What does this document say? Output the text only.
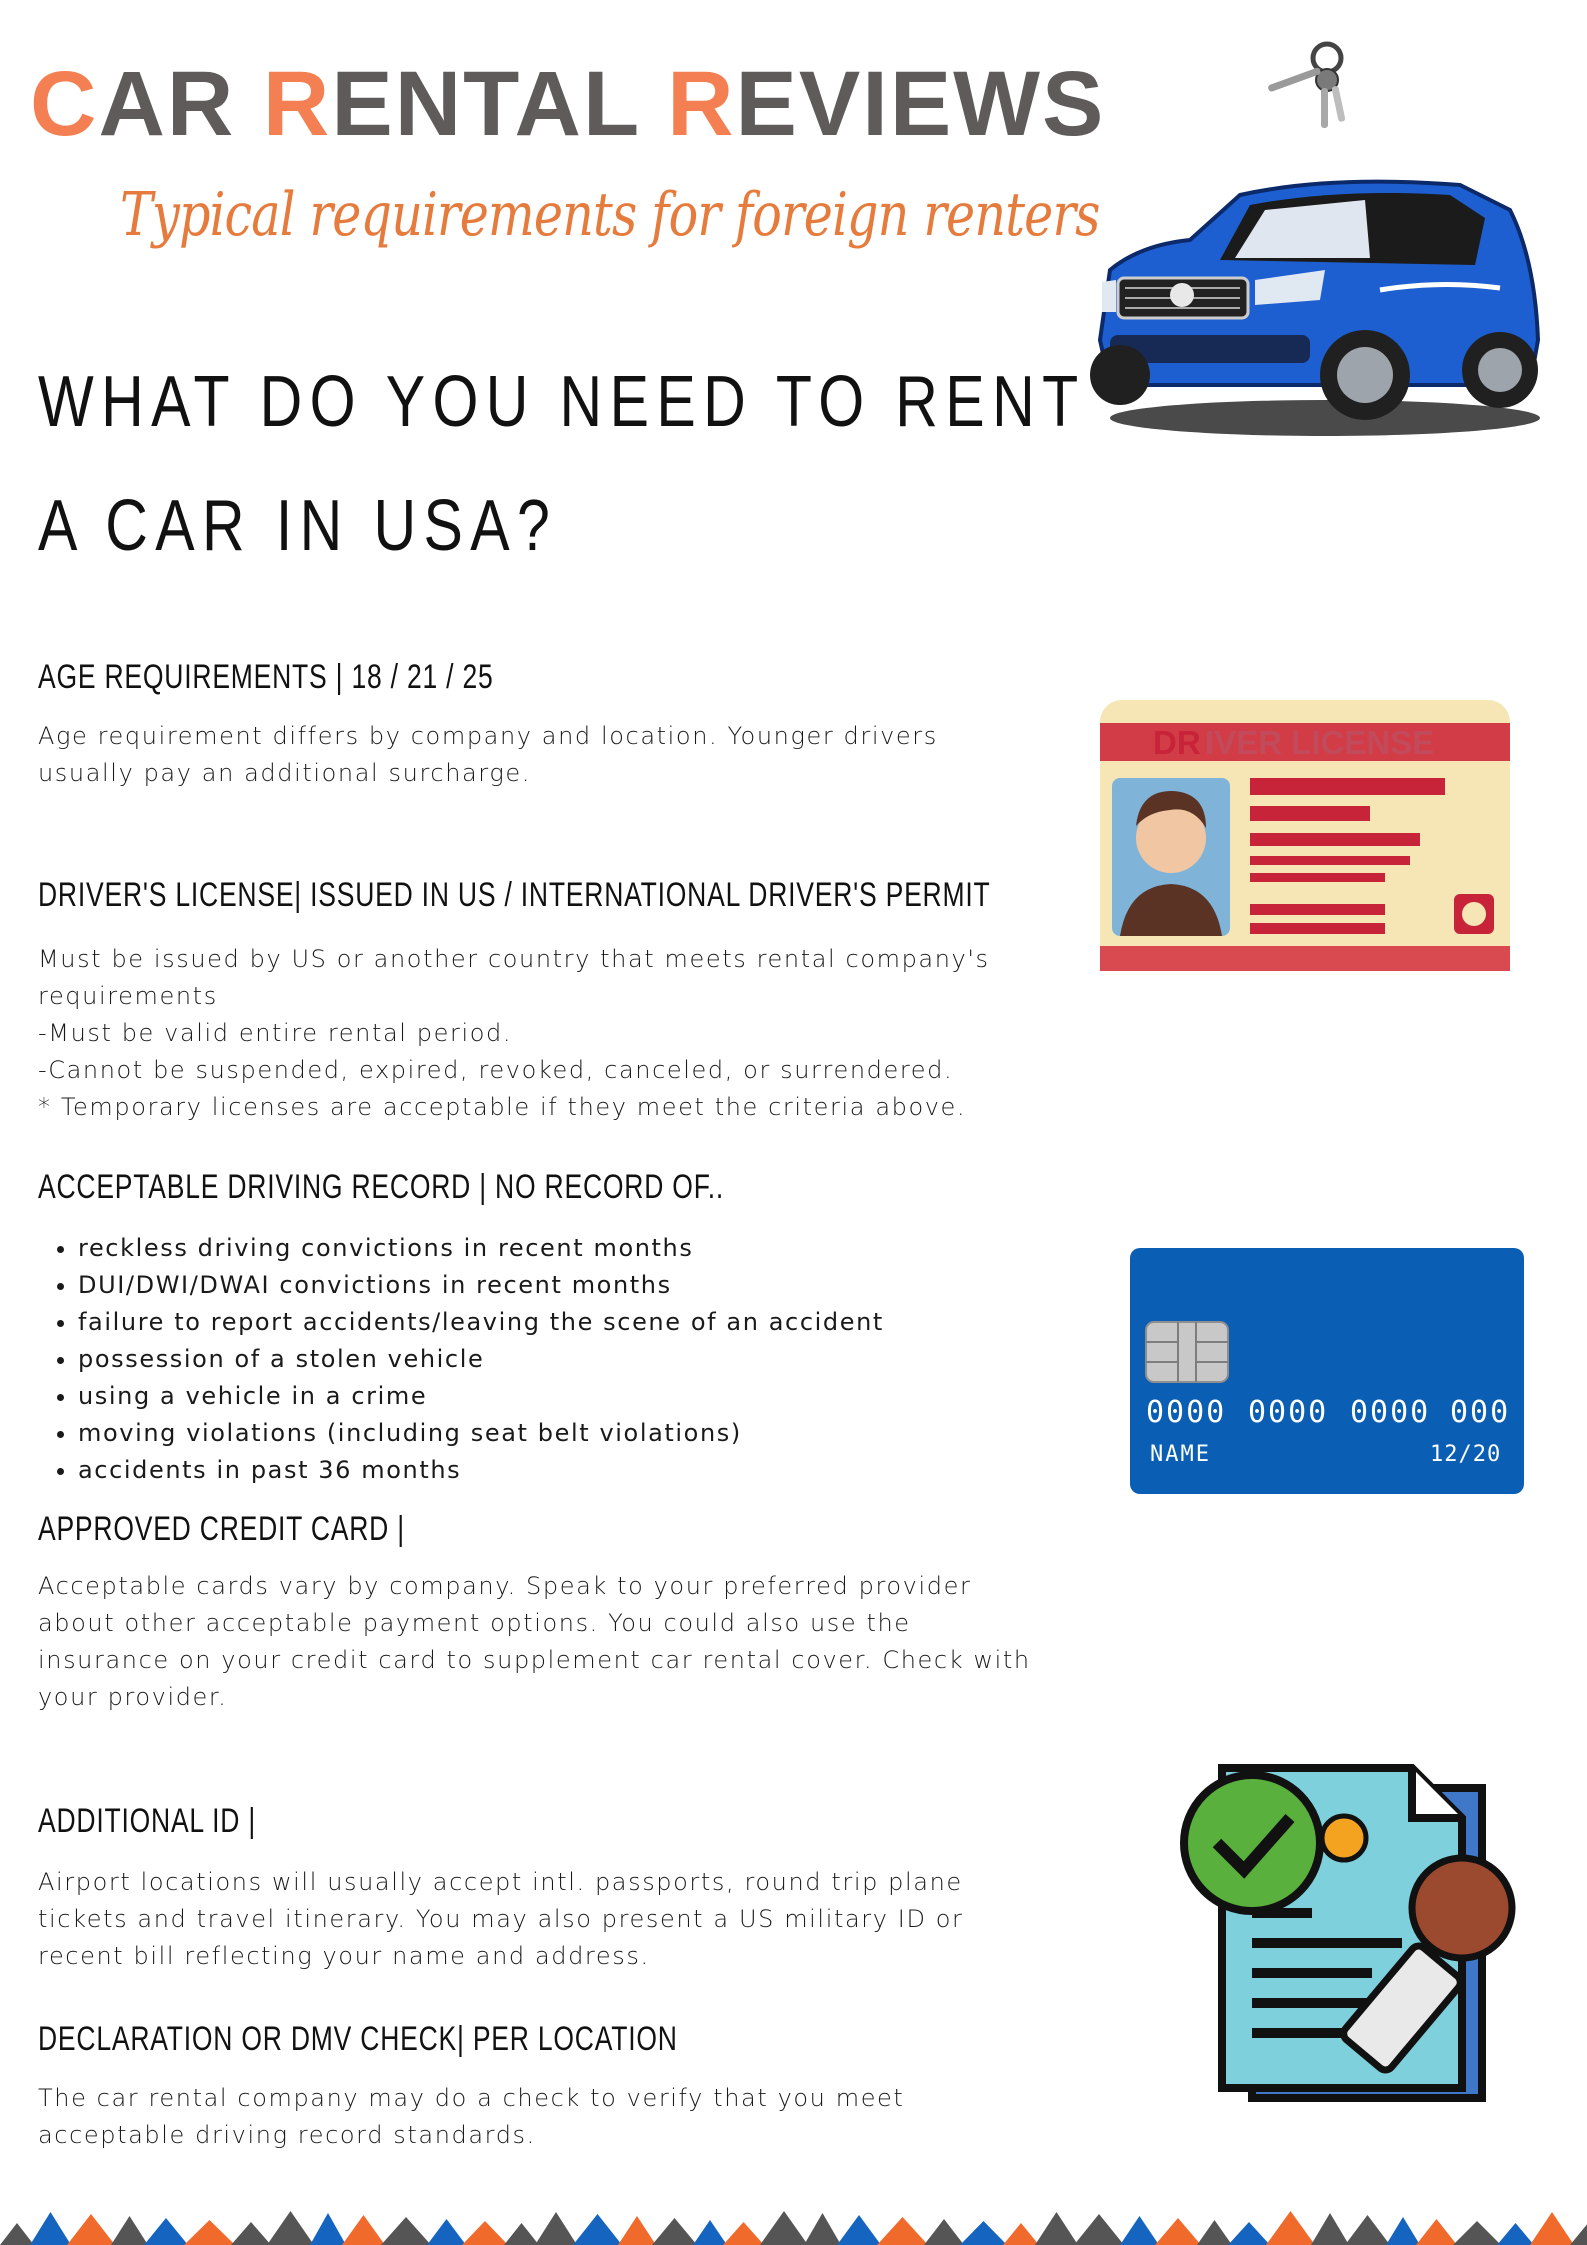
CAR RENTAL REVIEWS
Typical requirements for foreign renters
WHAT DO YOU NEED TO RENT A CAR IN USA?
AGE REQUIREMENTS | 18 / 21 / 25

Age requirement differs by company and location. Younger drivers usually pay an additional surcharge.

DR IVER LICENSE
DRIVER'S LICENSE| ISSUED IN US / INTERNATIONAL DRIVER'S PERMIT

Must be issued by US or another country that meets rental company's requirements

-Must be valid entire rental period.

-Cannot be suspended, expired, revoked, canceled, or surrendered.

* Temporary licenses are acceptable if they meet the criteria above.

ACCEPTABLE DRIVING RECORD | NO RECORD OF..
• reckless driving convictions in recent months
• DUI/DWI/DWAI convictions in recent months
• failure to report accidents/leaving the scene of an accident
• possession of a stolen vehicle
• using a vehicle in a crime
• moving violations (including seat belt violations)
• accidents in past 36 months
0000 0000 0000 000
NAME	12/20
APPROVED CREDIT CARD |

Acceptable cards vary by company. Speak to your preferred provider about other acceptable payment options. You could also use the insurance on your credit card to supplement car rental cover. Check with your provider.

ADDITIONAL ID |

Airport locations will usually accept intl. passports, round trip plane tickets and travel itinerary. You may also present a US military ID or recent bill reflecting your name and address.

DECLARATION OR DMV CHECK| PER LOCATION

The car rental company may do a check to verify that you meet acceptable driving record standards.
